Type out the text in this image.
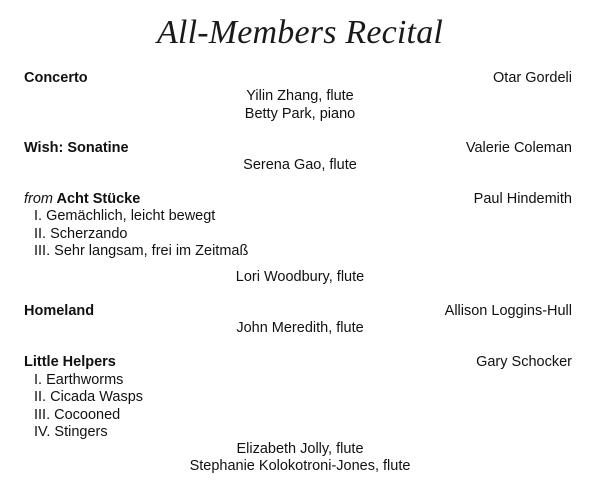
All-Members Recital
Concerto	Otar Gordeli
Yilin Zhang, flute
Betty Park, piano
Wish: Sonatine	Valerie Coleman
Serena Gao, flute
from Acht Stücke	Paul Hindemith
I. Gemächlich, leicht bewegt
II. Scherzando
III. Sehr langsam, frei im Zeitmaß
Lori Woodbury, flute
Homeland	Allison Loggins-Hull
John Meredith, flute
Little Helpers	Gary Schocker
I. Earthworms
II. Cicada Wasps
III. Cocooned
IV. Stingers
Elizabeth Jolly, flute
Stephanie Kolokotroni-Jones, flute
